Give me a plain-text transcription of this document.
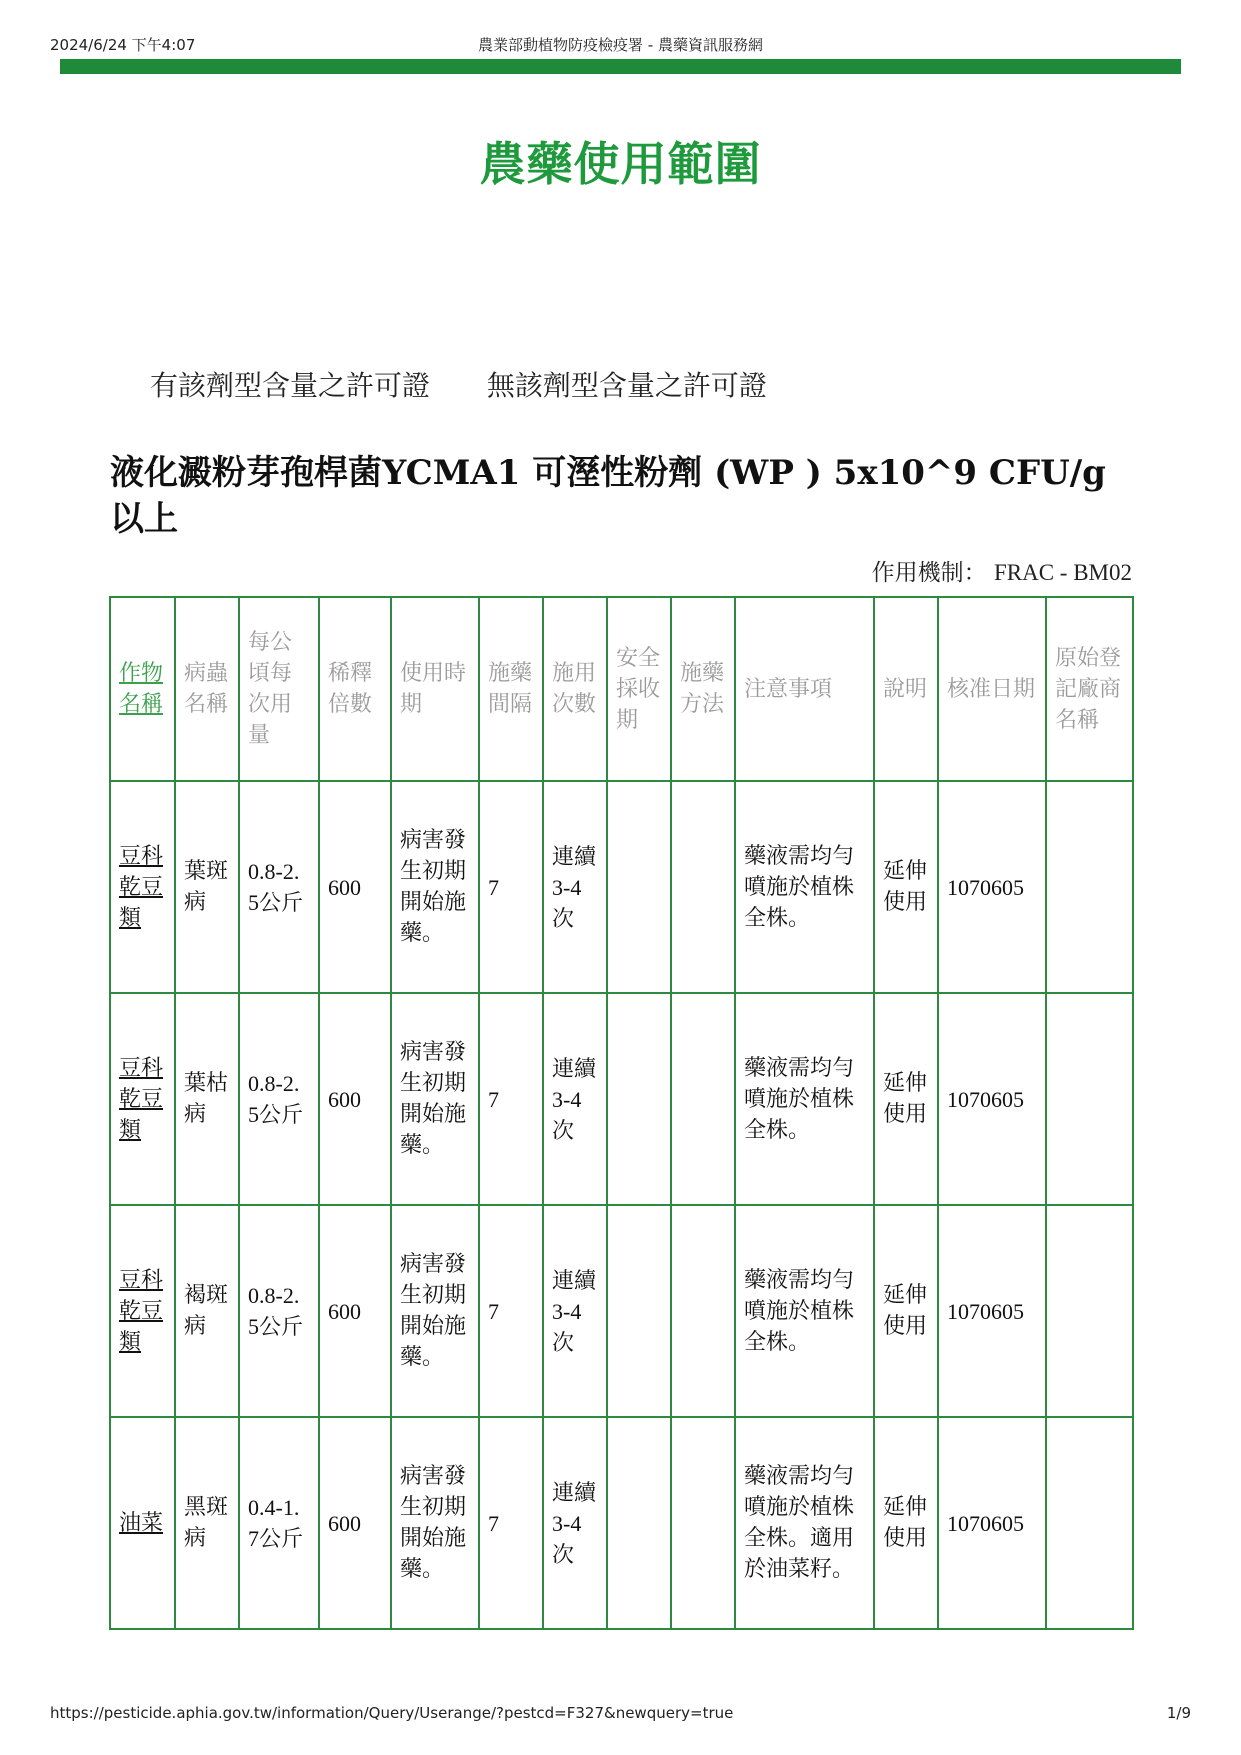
2024/6/24 下午4:07	農業部動植物防疫檢疫署 - 農藥資訊服務網
農藥使用範圍
有該劑型含量之許可證 無該劑型含量之許可證
液化澱粉芽孢桿菌YCMA1 可溼性粉劑 (WP ) 5x10^9 CFU/g 以上
作用機制： FRAC - BM02
作物名稱	病蟲名稱	每公頃每次用量	稀釋倍數	使用時期	施藥間隔	施用次數	安全採收期	施藥方法	注意事項	說明	核准日期	原始登記廠商名稱
豆科乾豆類	葉斑病	0.8-2.5公斤	600	病害發生初期開始施藥。	7	連續3-4次			藥液需均勻噴施於植株全株。	延伸使用	1070605	
豆科乾豆類	葉枯病	0.8-2.5公斤	600	病害發生初期開始施藥。	7	連續3-4次			藥液需均勻噴施於植株全株。	延伸使用	1070605	
豆科乾豆類	褐斑病	0.8-2.5公斤	600	病害發生初期開始施藥。	7	連續3-4次			藥液需均勻噴施於植株全株。	延伸使用	1070605	
油菜	黑斑病	0.4-1.7公斤	600	病害發生初期開始施藥。	7	連續3-4次			藥液需均勻噴施於植株全株。適用於油菜籽。	延伸使用	1070605	
https://pesticide.aphia.gov.tw/information/Query/Userange/?pestcd=F327&newquery=true	1/9
